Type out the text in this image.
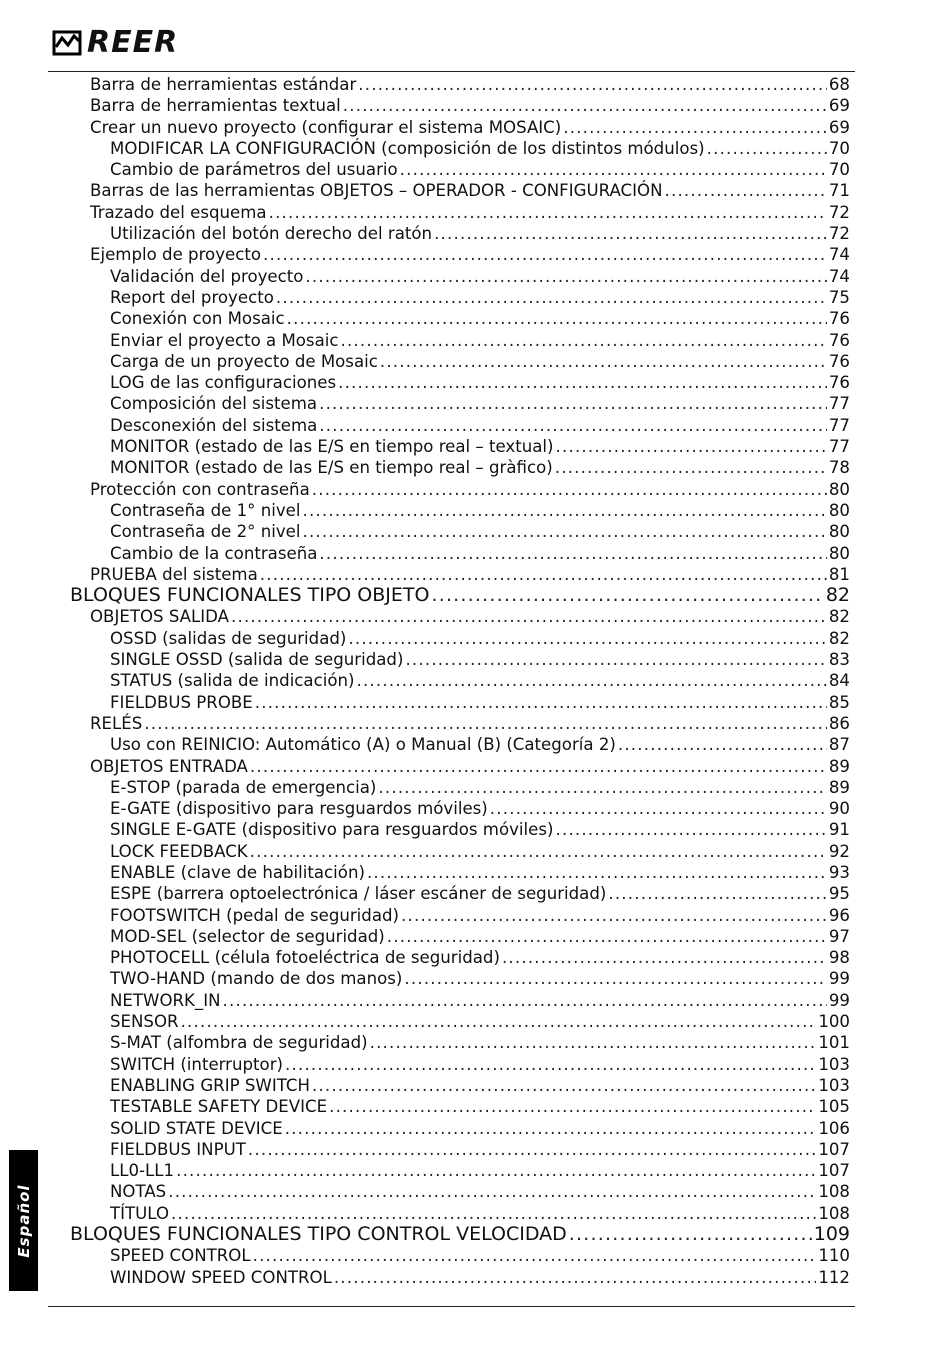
REER
Barra de herramientas estándar .....	68
Barra de herramientas textual .....	69
Crear un nuevo proyecto (configurar el sistema MOSAIC) .....	69
MODIFICAR LA CONFIGURACIÓN (composición de los distintos módulos) .....	70
Cambio de parámetros del usuario .....	70
Barras de las herramientas OBJETOS – OPERADOR - CONFIGURACIÓN .....	71
Trazado del esquema .....	72
Utilización del botón derecho del ratón .....	72
Ejemplo de proyecto .....	74
Validación del proyecto .....	74
Report del proyecto .....	75
Conexión con Mosaic .....	76
Enviar el proyecto a Mosaic .....	76
Carga de un proyecto de Mosaic .....	76
LOG de las configuraciones .....	76
Composición del sistema .....	77
Desconexión del sistema .....	77
MONITOR (estado de las E/S en tiempo real – textual) .....	77
MONITOR (estado de las E/S en tiempo real – gràfico) .....	78
Protección con contraseña .....	80
Contraseña de 1° nivel .....	80
Contraseña de 2° nivel .....	80
Cambio de la contraseña .....	80
PRUEBA del sistema .....	81
BLOQUES FUNCIONALES TIPO OBJETO .....	82
OBJETOS SALIDA .....	82
OSSD (salidas de seguridad) .....	82
SINGLE OSSD (salida de seguridad) .....	83
STATUS (salida de indicación) .....	84
FIELDBUS PROBE .....	85
RELÉS .....	86
Uso con REINICIO: Automático (A) o Manual (B) (Categoría 2) .....	87
OBJETOS ENTRADA .....	89
E-STOP (parada de emergencia) .....	89
E-GATE (dispositivo para resguardos móviles) .....	90
SINGLE E-GATE (dispositivo para resguardos móviles) .....	91
LOCK FEEDBACK .....	92
ENABLE (clave de habilitación) .....	93
ESPE (barrera optoelectrónica / láser escáner de seguridad) .....	95
FOOTSWITCH (pedal de seguridad) .....	96
MOD-SEL (selector de seguridad) .....	97
PHOTOCELL (célula fotoeléctrica de seguridad) .....	98
TWO-HAND (mando de dos manos) .....	99
NETWORK_IN .....	99
SENSOR .....	100
S-MAT (alfombra de seguridad) .....	101
SWITCH (interruptor) .....	103
ENABLING GRIP SWITCH .....	103
TESTABLE SAFETY DEVICE .....	105
SOLID STATE DEVICE .....	106
FIELDBUS INPUT .....	107
LL0-LL1 .....	107
NOTAS .....	108
TÍTULO .....	108
BLOQUES FUNCIONALES TIPO CONTROL VELOCIDAD .....	109
SPEED CONTROL .....	110
WINDOW SPEED CONTROL .....	112
Español
